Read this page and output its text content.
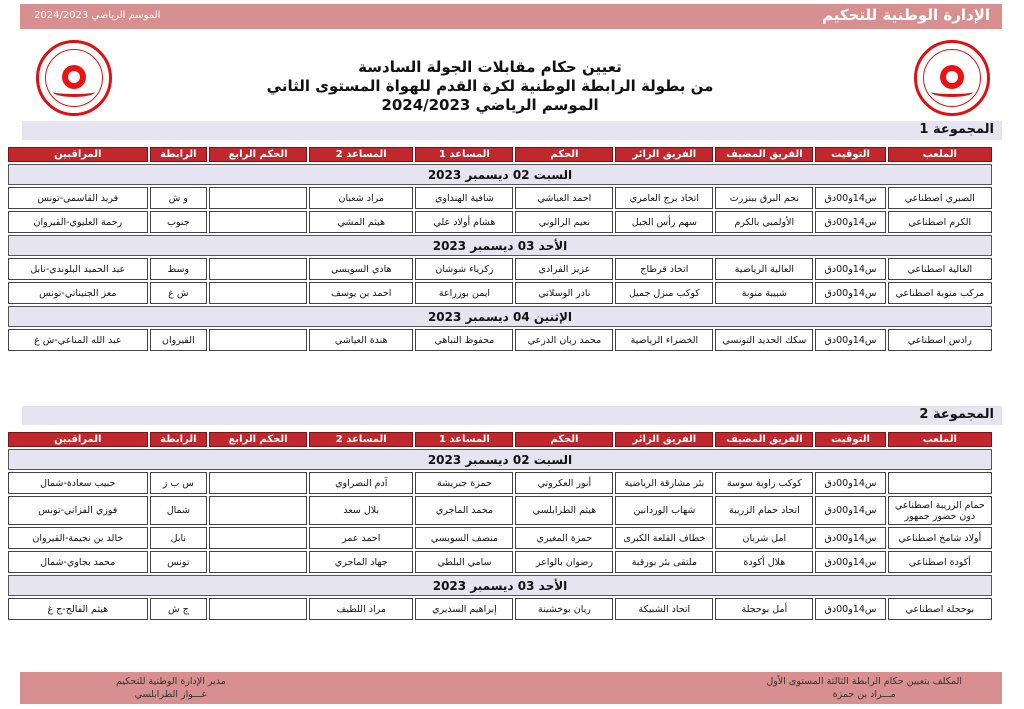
الموسم الرياضي 2024/2023	الإدارة الوطنية للتحكيم
تعيين حكام مقابلات الجولة السادسة
من بطولة الرابطة الوطنية لكرة القدم للهواة المستوى الثاني
الموسم الرياضي 2024/2023
المجموعة 1
الملعب	التوقيت	الفريق المضيف	الفريق الزائر	الحكم	المساعد 1	المساعد 2	الحكم الرابع	الرابطة	المراقبين
السبت 02 ديسمبر 2023									
الصبري اصطناعي	س14و00دق	نجم البرق ببنزرت	اتحاد برج العامري	احمد العياشي	شافية الهنداوي	مراد شعبان		و ش	فريد القاسمي-تونس
الكرم اصطناعي	س14و00دق	الأولمبي بالكرم	سهم رأس الجبل	نعيم الرالوني	هشام أولاد علي	هيثم المشي		جنوب	رحمة العليوي-القيروان
الأحد 03 ديسمبر 2023									
العالية اصطناعي	س14و00دق	العالية الرياضية	اتحاد قرطاج	عزيز الفرادي	زكرياء شوشان	هادي السويسي		وسط	عبد الحميد البلوندي-نابل
مركب منوبة اصطناعي	س14و00دق	شبيبة منوبة	كوكب منزل جميل	نادر الوسلاتي	ايمن بوزراعة	احمد بن يوسف		ش غ	معز الجنيناتي-تونس
الإثنين 04 ديسمبر 2023									
رادس اصطناعي	س14و00دق	سكك الحديد التونسي	الخضراء الرياضية	محمد ريان الدرعي	محفوظ التباهي	هندة العياشي		القيروان	عبد الله المناعي-ش غ
المجموعة 2
الملعب	التوقيت	الفريق المضيف	الفريق الزائر	الحكم	المساعد 1	المساعد 2	الحكم الرابع	الرابطة	المراقبين
السبت 02 ديسمبر 2023									
	س14و00دق	كوكب زاوية سوسة	بئر مشارقة الرياضية	أنور العكروتي	حمزة جبريشة	آدم النصراوي		س ب ز	حبيب سعادة-شمال
حمام الزريبة اصطناعي دون حضور جمهور	س14و00دق	اتحاد حمام الزريبة	شهاب الوردانين	هيثم الطرابلسي	محمد الماجري	بلال سعد		شمال	فوزي الفزاني-تونس
أولاد شامخ اصطناعي	س14و00دق	امل شربان	خطاف القلعة الكبرى	حمزة المغيري	منصف السويسي	احمد عمر		نابل	خالد بن نجيمة-القيروان
أكودة اصطناعي	س14و00دق	هلال أكودة	ملتقى بئر بورقبة	رضوان بالواعر	سامي البلطي	جهاد الماجري		تونس	محمد بجاوي-شمال
الأحد 03 ديسمبر 2023									
بوحجلة اصطناعي	س14و00دق	أمل بوحجلة	اتحاد الشبيكة	ريان بوخشينة	إبراهيم السديري	مراد اللطيف		ج ش	هيثم الفالح-ج غ
مدير الإدارة الوطنية للتحكيم
عـــواز الطرابلسي
المكلف بتعيين حكام الرابطة الثالثة المستوى الأول
مـــراد بن حمزة
